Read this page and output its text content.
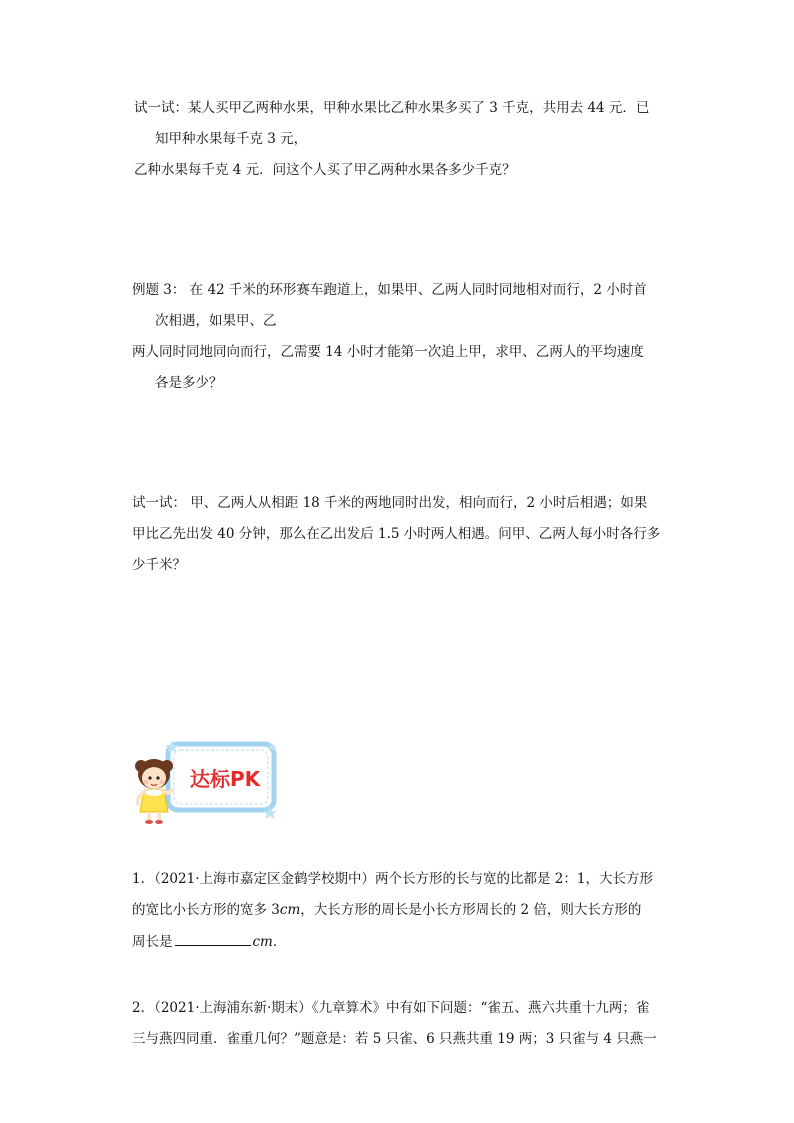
试一试：某人买甲乙两种水果，甲种水果比乙种水果多买了 3 千克，共用去 44 元．已
知甲种水果每千克 3 元，
乙种水果每千克 4 元．问这个人买了甲乙两种水果各多少千克？
例题 3： 在 42 千米的环形赛车跑道上，如果甲、乙两人同时同地相对而行，2 小时首
次相遇，如果甲、乙
两人同时同地同向而行，乙需要 14 小时才能第一次追上甲，求甲、乙两人的平均速度
各是多少？
试一试： 甲、乙两人从相距 18 千米的两地同时出发，相向而行，2 小时后相遇；如果
甲比乙先出发 40 分钟，那么在乙出发后 1.5 小时两人相遇。问甲、乙两人每小时各行多
少千米？
达标PK
1．（2021·上海市嘉定区金鹤学校期中）两个长方形的长与宽的比都是 2：1，大长方形
的宽比小长方形的宽多 3cm，大长方形的周长是小长方形周长的 2 倍，则大长方形的
周长是	cm．
2．（2021·上海浦东新·期末）《九章算术》中有如下问题：“雀五、燕六共重十九两；雀
三与燕四同重．雀重几何？”题意是：若 5 只雀、6 只燕共重 19 两；3 只雀与 4 只燕一
